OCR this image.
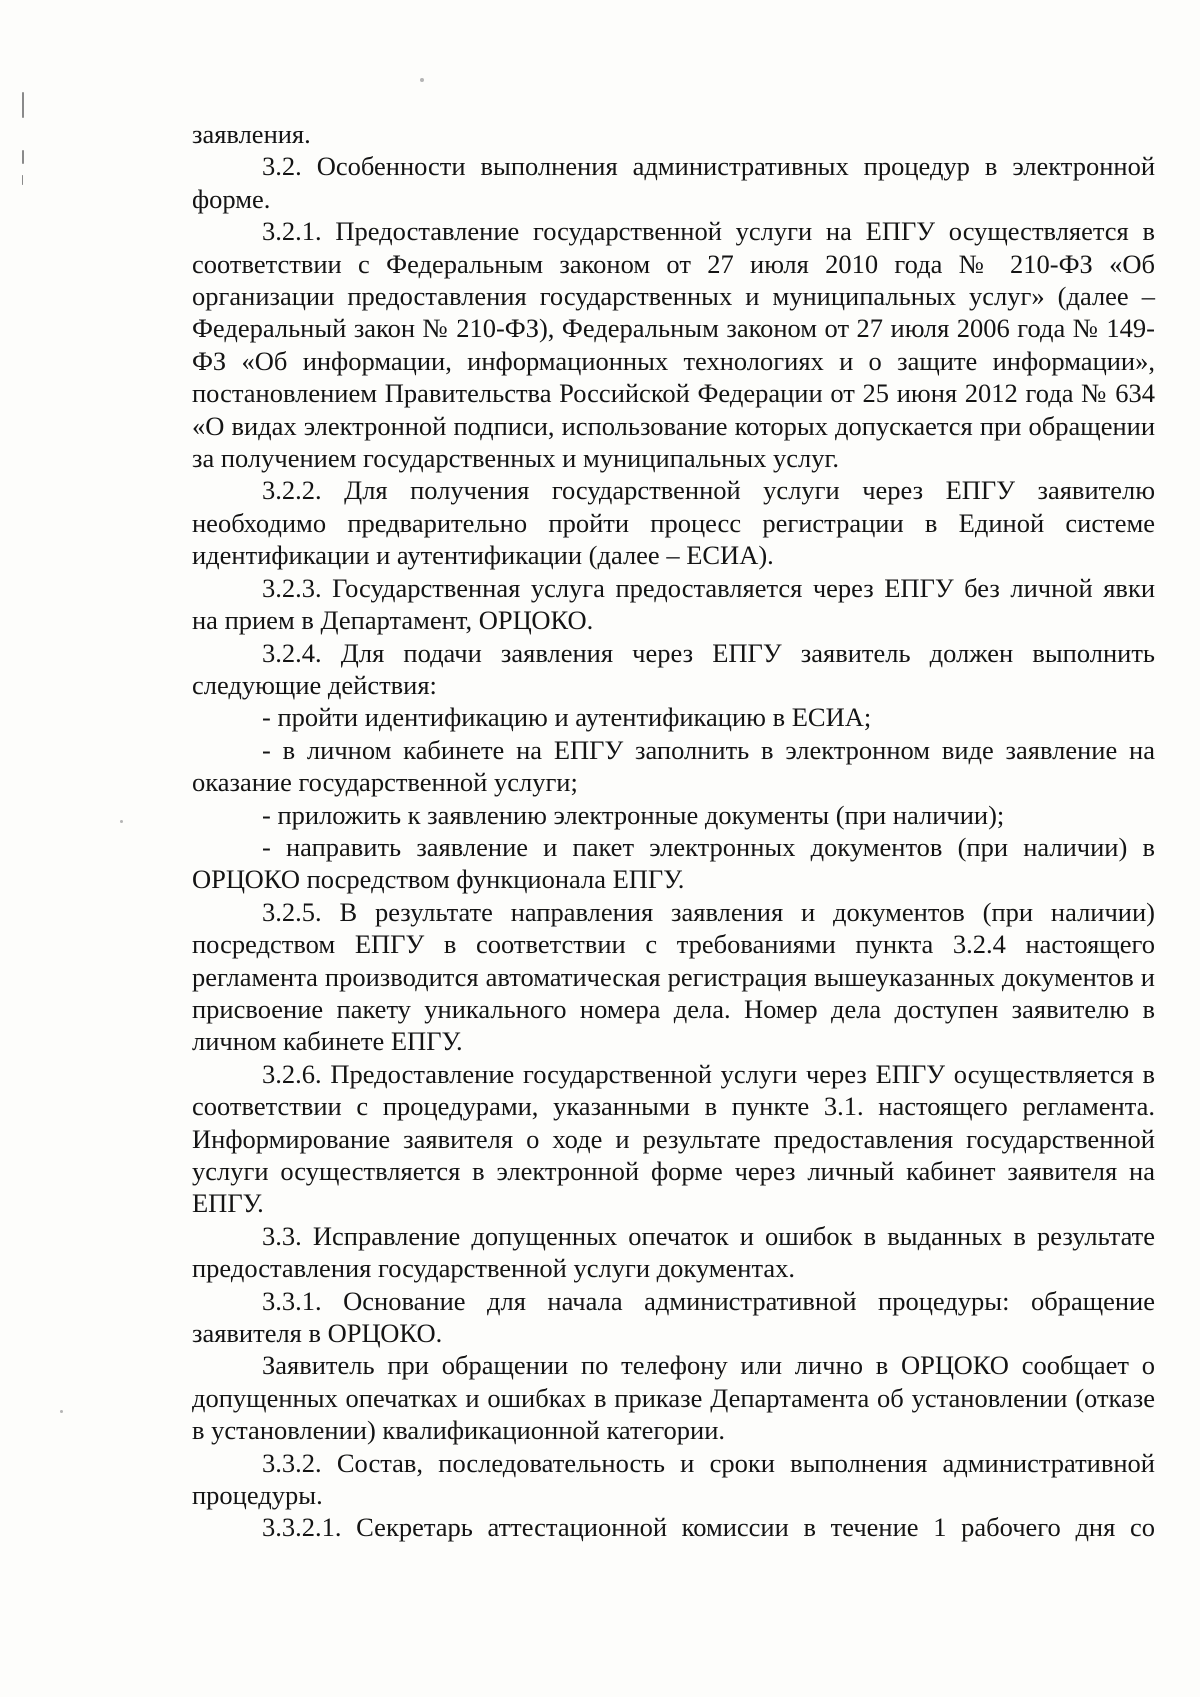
заявления.

3.2. Особенности выполнения административных процедур в электронной форме.

3.2.1. Предоставление государственной услуги на ЕПГУ осуществляется в соответствии с Федеральным законом от 27 июля 2010 года № 210-ФЗ «Об организации предоставления государственных и муниципальных услуг» (далее – Федеральный закон № 210-ФЗ), Федеральным законом от 27 июля 2006 года № 149-ФЗ «Об информации, информационных технологиях и о защите информации», постановлением Правительства Российской Федерации от 25 июня 2012 года № 634 «О видах электронной подписи, использование которых допускается при обращении за получением государственных и муниципальных услуг.

3.2.2. Для получения государственной услуги через ЕПГУ заявителю необходимо предварительно пройти процесс регистрации в Единой системе идентификации и аутентификации (далее – ЕСИА).

3.2.3. Государственная услуга предоставляется через ЕПГУ без личной явки на прием в Департамент, ОРЦОКО.

3.2.4. Для подачи заявления через ЕПГУ заявитель должен выполнить следующие действия:

- пройти идентификацию и аутентификацию в ЕСИА;

- в личном кабинете на ЕПГУ заполнить в электронном виде заявление на оказание государственной услуги;

- приложить к заявлению электронные документы (при наличии);

- направить заявление и пакет электронных документов (при наличии) в ОРЦОКО посредством функционала ЕПГУ.

3.2.5. В результате направления заявления и документов (при наличии) посредством ЕПГУ в соответствии с требованиями пункта 3.2.4 настоящего регламента производится автоматическая регистрация вышеуказанных документов и присвоение пакету уникального номера дела. Номер дела доступен заявителю в личном кабинете ЕПГУ.

3.2.6. Предоставление государственной услуги через ЕПГУ осуществляется в соответствии с процедурами, указанными в пункте 3.1. настоящего регламента. Информирование заявителя о ходе и результате предоставления государственной услуги осуществляется в электронной форме через личный кабинет заявителя на ЕПГУ.

3.3. Исправление допущенных опечаток и ошибок в выданных в результате предоставления государственной услуги документах.

3.3.1. Основание для начала административной процедуры: обращение заявителя в ОРЦОКО.

Заявитель при обращении по телефону или лично в ОРЦОКО сообщает о допущенных опечатках и ошибках в приказе Департамента об установлении (отказе в установлении) квалификационной категории.

3.3.2. Состав, последовательность и сроки выполнения административной процедуры.

3.3.2.1. Секретарь аттестационной комиссии в течение 1 рабочего дня со
